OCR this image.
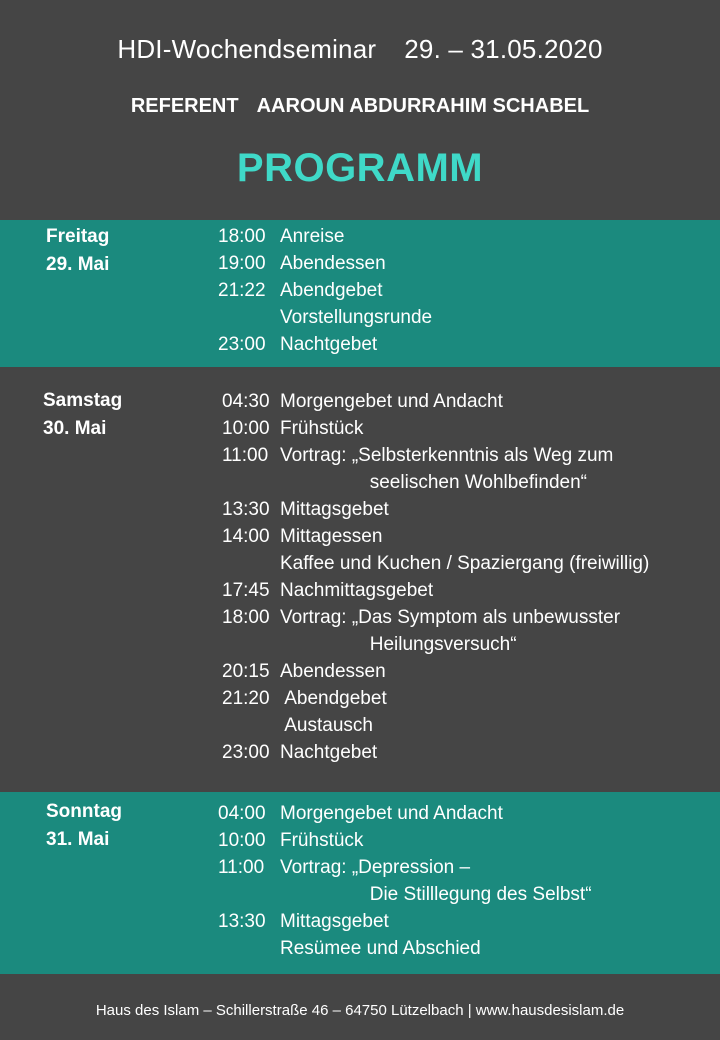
HDI-Wochendseminar 29. – 31.05.2020
REFERENT AAROUN ABDURRAHIM SCHABEL
PROGRAMM
Freitag
29. Mai
18:00 Anreise
19:00 Abendessen
21:22 Abendgebet
Vorstellungsrunde
23:00 Nachtgebet
Samstag
30. Mai
04:30 Morgengebet und Andacht
10:00 Frühstück
11:00 Vortrag: „Selbsterkenntnis als Weg zum
seelischen Wohlbefinden“
13:30 Mittagsgebet
14:00 Mittagessen
Kaffee und Kuchen / Spaziergang (freiwillig)
17:45 Nachmittagsgebet
18:00 Vortrag: „Das Symptom als unbewusster
Heilungsversuch“
20:15 Abendessen
21:20 Abendgebet
Austausch
23:00 Nachtgebet
Sonntag
31. Mai
04:00 Morgengebet und Andacht
10:00 Frühstück
11:00 Vortrag: „Depression –
Die Stilllegung des Selbst“
13:30 Mittagsgebet
Resümee und Abschied
Haus des Islam – Schillerstraße 46 – 64750 Lützelbach | www.hausdesislam.de
